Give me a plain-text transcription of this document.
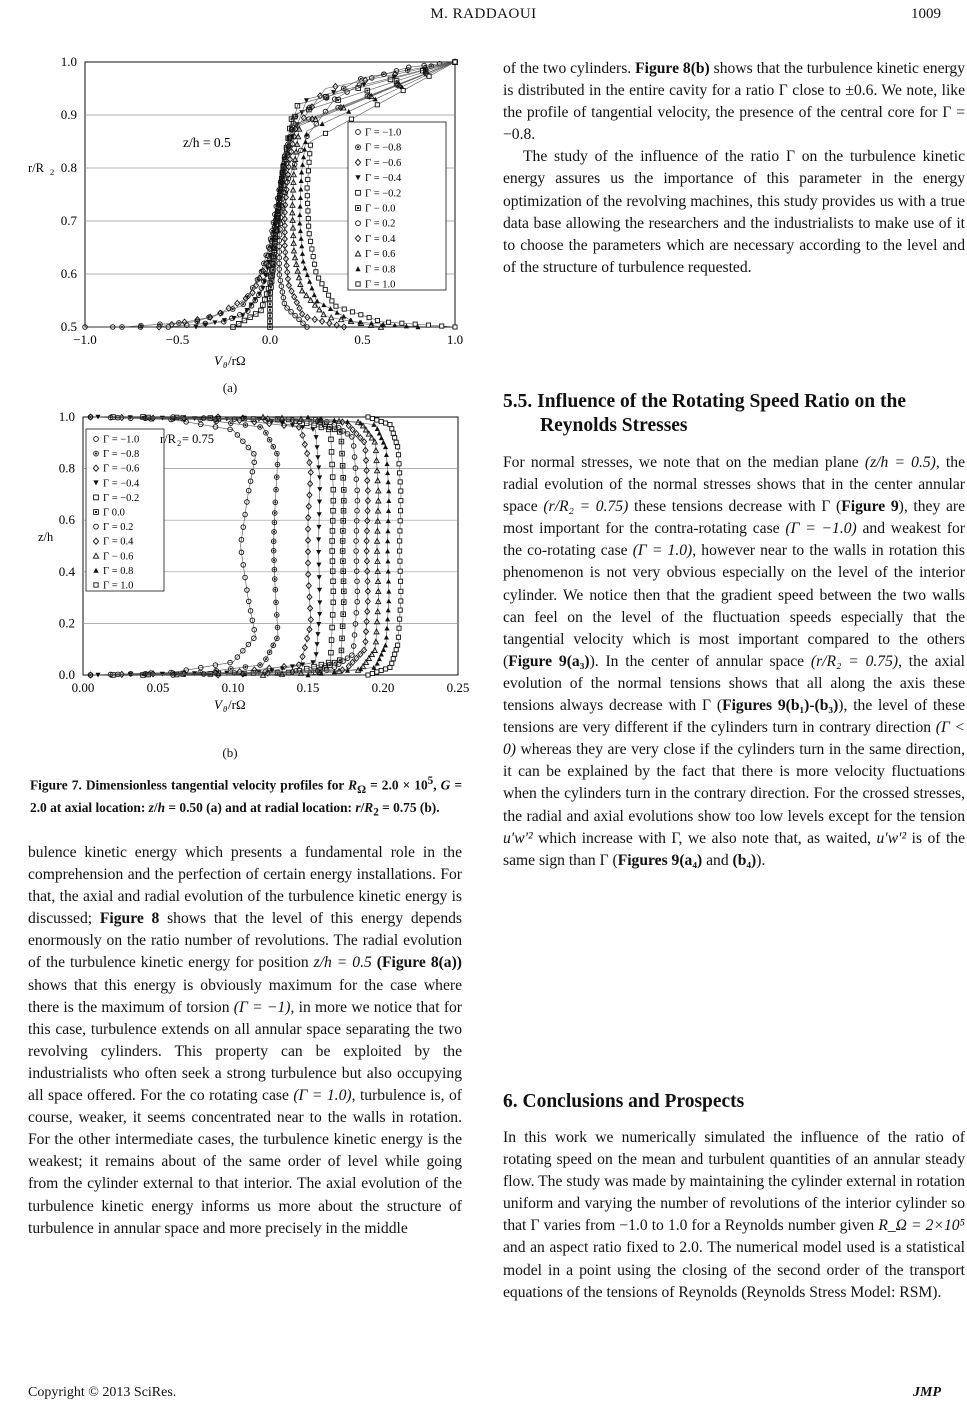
M. RADDAOUI	1009
−1.0	−0.5	0.0	0.5	1.0
0.5
0.6
0.7
0.8
0.9
1.0
Γ = −1.0
Γ = −0.8
Γ = −0.6
Γ = −0.4
Γ = −0.2
Γ − 0.0
Γ = 0.2
Γ = 0.4
Γ = 0.6
Γ = 0.8
Γ = 1.0
z/h = 0.5
r/R 2
V θ /rΩ
(a)
0.00	0.05	0.10	0.15	0.20	0.25
0.0
0.2
0.4
0.6
0.8
1.0
Γ = −1.0
Γ = −0.8
Γ = −0.6
Γ = −0.4
Γ = −0.2
Γ 0.0
Γ = 0.2
Γ = 0.4
Γ − 0.6
Γ = 0.8
Γ = 1.0
r/R 2 = 0.75
z/h
V θ /rΩ
(b)
Figure 7. Dimensionless tangential velocity profiles for $R_\Omega = 2.0 \times 10^5$, G = 2.0 at axial location: z/h = 0.50 (a) and at radial location: $r/R_2 = 0.75$ (b).

bulence kinetic energy which presents a fundamental role in the comprehension and the perfection of certain energy installations. For that, the axial and radial evolution of the turbulence kinetic energy is discussed; Figure 8 shows that the level of this energy depends enormously on the ratio number of revolutions. The radial evolution of the turbulence kinetic energy for position z/h = 0.5 (Figure 8(a)) shows that this energy is obviously maximum for the case where there is the maximum of torsion (Γ = −1), in more we notice that for this case, turbulence extends on all annular space separating the two revolving cylinders. This property can be exploited by the industrialists who often seek a strong turbulence but also occupying all space offered. For the co rotating case (Γ = 1.0), turbulence is, of course, weaker, it seems concentrated near to the walls in rotation. For the other intermediate cases, the turbulence kinetic energy is the weakest; it remains about of the same order of level while going from the cylinder external to that interior. The axial evolution of the turbulence kinetic energy informs us more about the structure of turbulence in annular space and more precisely in the middle

of the two cylinders. Figure 8(b) shows that the turbulence kinetic energy is distributed in the entire cavity for a ratio Γ close to ±0.6. We note, like the profile of tangential velocity, the presence of the central core for Γ = −0.8.

The study of the influence of the ratio Γ on the turbulence kinetic energy assures us the importance of this parameter in the energy optimization of the revolving machines, this study provides us with a true data base allowing the researchers and the industrialists to make use of it to choose the parameters which are necessary according to the level and of the structure of turbulence requested.

5.5. Influence of the Rotating Speed Ratio on the
Reynolds Stresses

For normal stresses, we note that on the median plane (z/h = 0.5), the radial evolution of the normal stresses shows that in the center annular space (r/R₂ = 0.75) these tensions decrease with Γ (Figure 9), they are most important for the contra-rotating case (Γ = −1.0) and weakest for the co-rotating case (Γ = 1.0), however near to the walls in rotation this phenomenon is not very obvious especially on the level of the interior cylinder. We notice then that the gradient speed between the two walls can feel on the level of the fluctuation speeds especially that the tangential velocity which is most important compared to the others (Figure 9(a₃)). In the center of annular space (r/R₂ = 0.75), the axial evolution of the normal tensions shows that all along the axis these tensions always decrease with Γ (Figures 9(b₁)-(b₃)), the level of these tensions are very different if the cylinders turn in contrary direction (Γ < 0) whereas they are very close if the cylinders turn in the same direction, it can be explained by the fact that there is more velocity fluctuations when the cylinders turn in the contrary direction. For the crossed stresses, the radial and axial evolutions show too low levels except for the tension u′w′² which increase with Γ, we also note that, as waited, u′w′² is of the same sign than Γ (Figures 9(a₄) and (b₄)).

6. Conclusions and Prospects

In this work we numerically simulated the influence of the ratio of rotating speed on the mean and turbulent quantities of an annular steady flow. The study was made by maintaining the cylinder external in rotation uniform and varying the number of revolutions of the interior cylinder so that Γ varies from −1.0 to 1.0 for a Reynolds number given R_Ω = 2×10⁵ and an aspect ratio fixed to 2.0. The numerical model used is a statistical model in a point using the closing of the second order of the transport equations of the tensions of Reynolds (Reynolds Stress Model: RSM).

Copyright © 2013 SciRes.	JMP
